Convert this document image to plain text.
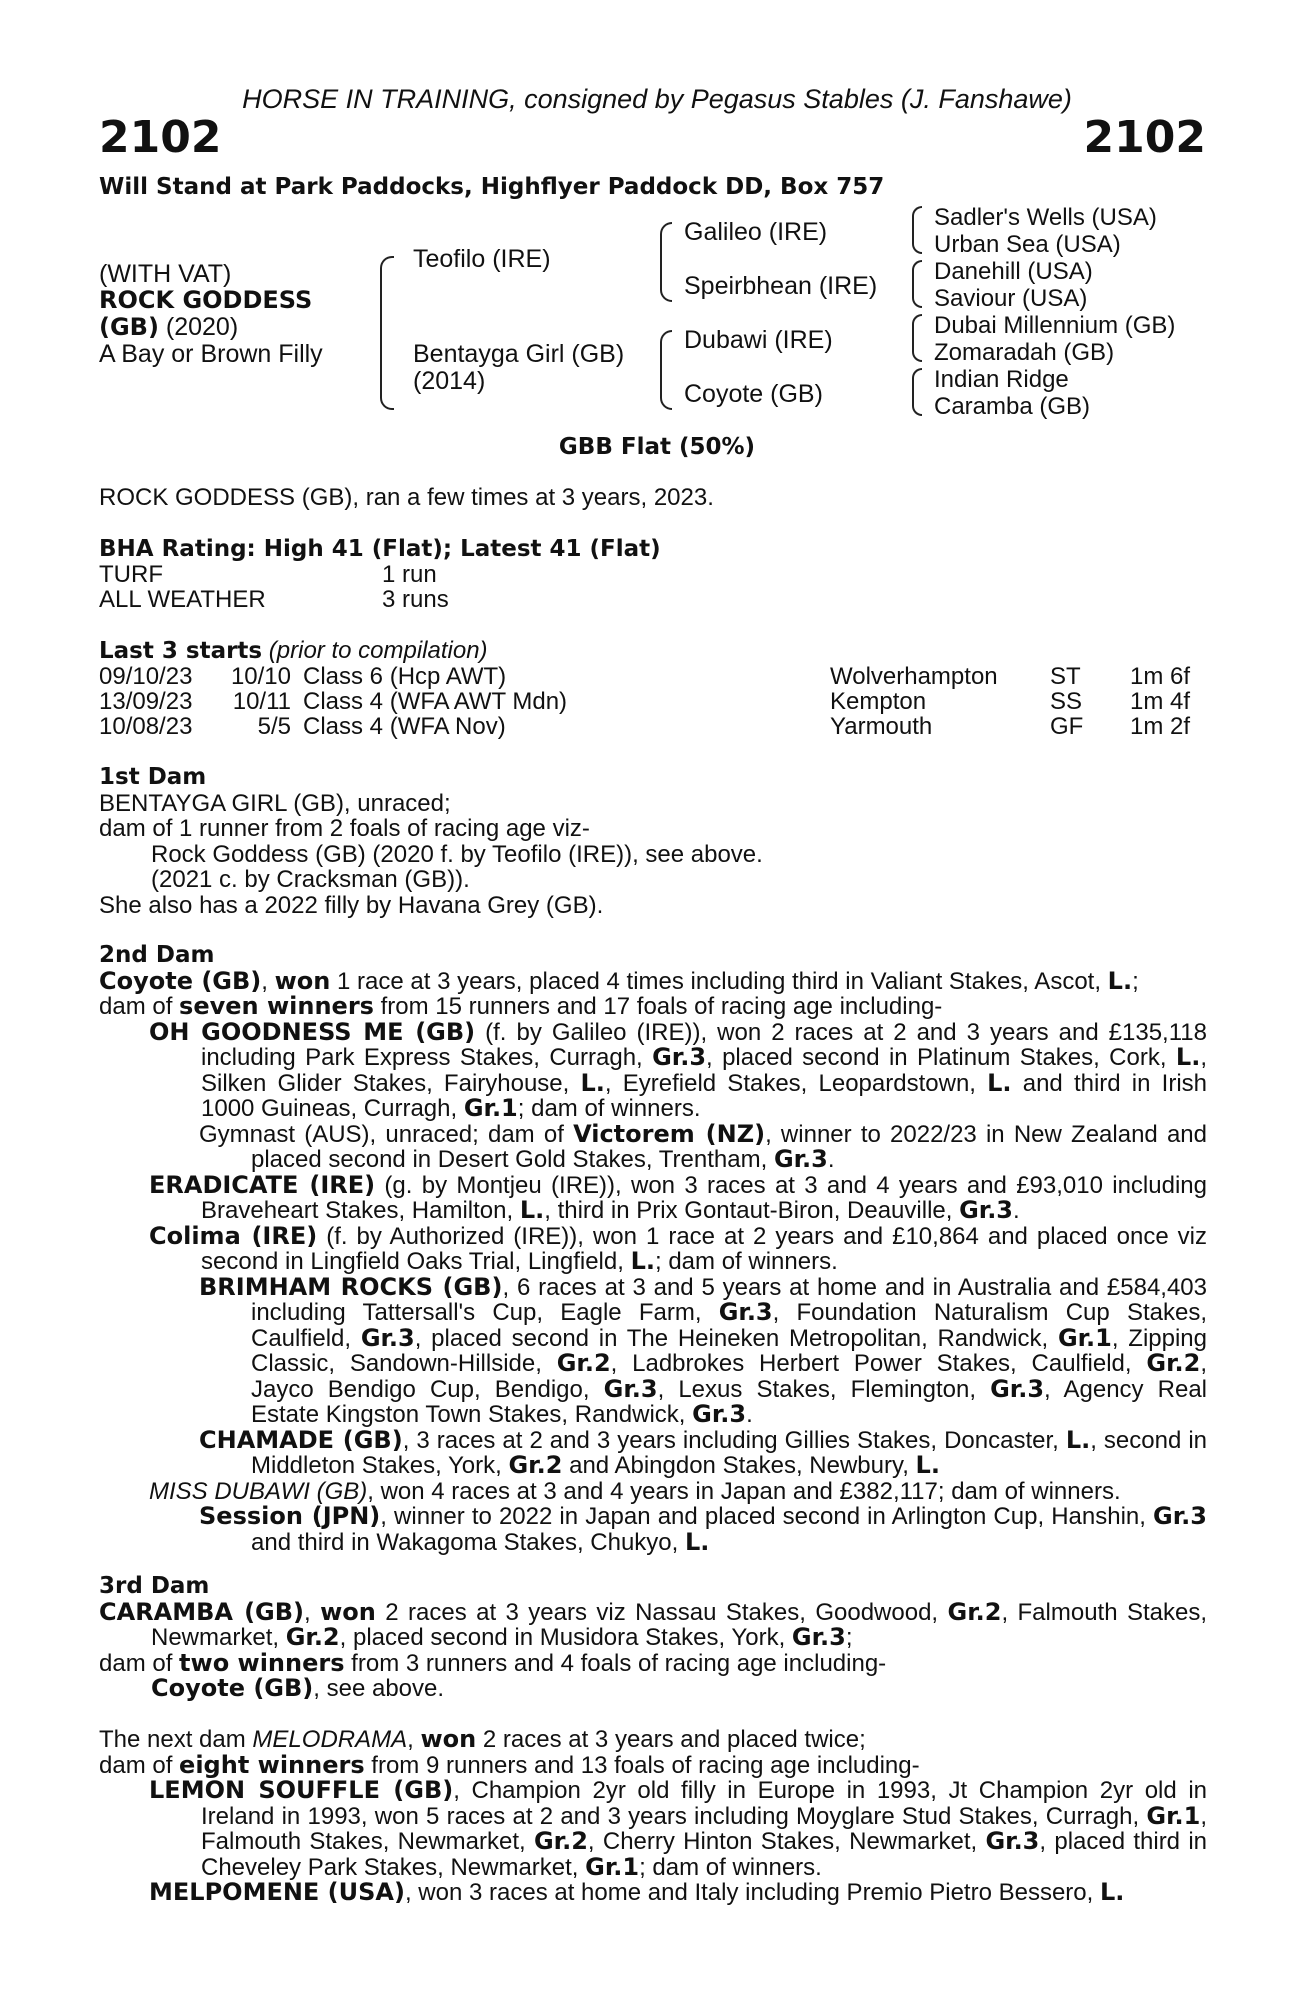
HORSE IN TRAINING, consigned by Pegasus Stables (J. Fanshawe)
2102	2102
Will Stand at Park Paddocks, Highflyer Paddock DD, Box 757
(WITH VAT)
ROCK GODDESS
(GB) (2020)
A Bay or Brown Filly
Teofilo (IRE)
Bentayga Girl (GB)
(2014)
Galileo (IRE)
Speirbhean (IRE)
Dubawi (IRE)
Coyote (GB)
Sadler's Wells (USA)
Urban Sea (USA)
Danehill (USA)
Saviour (USA)
Dubai Millennium (GB)
Zomaradah (GB)
Indian Ridge
Caramba (GB)
GBB Flat (50%)
ROCK GODDESS (GB), ran a few times at 3 years, 2023.
BHA Rating: High 41 (Flat); Latest 41 (Flat)
TURF	1 run
ALL WEATHER	3 runs
Last 3 starts (prior to compilation)
09/10/23	10/10	Class 6 (Hcp AWT)	Wolverhampton	ST	1m 6f
13/09/23	10/11	Class 4 (WFA AWT Mdn)	Kempton	SS	1m 4f
10/08/23	5/5	Class 4 (WFA Nov)	Yarmouth	GF	1m 2f

1st Dam

BENTAYGA GIRL (GB), unraced;

dam of 1 runner from 2 foals of racing age viz-

Rock Goddess (GB) (2020 f. by Teofilo (IRE)), see above.

(2021 c. by Cracksman (GB)).

She also has a 2022 filly by Havana Grey (GB).

2nd Dam

Coyote (GB), won 1 race at 3 years, placed 4 times including third in Valiant Stakes, Ascot, L.;

dam of seven winners from 15 runners and 17 foals of racing age including-

OH GOODNESS ME (GB) (f. by Galileo (IRE)), won 2 races at 2 and 3 years and £135,118 including Park Express Stakes, Curragh, Gr.3, placed second in Platinum Stakes, Cork, L., Silken Glider Stakes, Fairyhouse, L., Eyrefield Stakes, Leopardstown, L. and third in Irish 1000 Guineas, Curragh, Gr.1; dam of winners.

Gymnast (AUS), unraced; dam of Victorem (NZ), winner to 2022/23 in New Zealand and placed second in Desert Gold Stakes, Trentham, Gr.3.

ERADICATE (IRE) (g. by Montjeu (IRE)), won 3 races at 3 and 4 years and £93,010 including Braveheart Stakes, Hamilton, L., third in Prix Gontaut-Biron, Deauville, Gr.3.

Colima (IRE) (f. by Authorized (IRE)), won 1 race at 2 years and £10,864 and placed once viz second in Lingfield Oaks Trial, Lingfield, L.; dam of winners.

BRIMHAM ROCKS (GB), 6 races at 3 and 5 years at home and in Australia and £584,403 including Tattersall's Cup, Eagle Farm, Gr.3, Foundation Naturalism Cup Stakes, Caulfield, Gr.3, placed second in The Heineken Metropolitan, Randwick, Gr.1, Zipping Classic, Sandown-Hillside, Gr.2, Ladbrokes Herbert Power Stakes, Caulfield, Gr.2, Jayco Bendigo Cup, Bendigo, Gr.3, Lexus Stakes, Flemington, Gr.3, Agency Real Estate Kingston Town Stakes, Randwick, Gr.3.

CHAMADE (GB), 3 races at 2 and 3 years including Gillies Stakes, Doncaster, L., second in Middleton Stakes, York, Gr.2 and Abingdon Stakes, Newbury, L.

MISS DUBAWI (GB), won 4 races at 3 and 4 years in Japan and £382,117; dam of winners.

Session (JPN), winner to 2022 in Japan and placed second in Arlington Cup, Hanshin, Gr.3 and third in Wakagoma Stakes, Chukyo, L.

3rd Dam

CARAMBA (GB), won 2 races at 3 years viz Nassau Stakes, Goodwood, Gr.2, Falmouth Stakes, Newmarket, Gr.2, placed second in Musidora Stakes, York, Gr.3;

dam of two winners from 3 runners and 4 foals of racing age including-

Coyote (GB), see above.

The next dam MELODRAMA, won 2 races at 3 years and placed twice;

dam of eight winners from 9 runners and 13 foals of racing age including-

LEMON SOUFFLE (GB), Champion 2yr old filly in Europe in 1993, Jt Champion 2yr old in Ireland in 1993, won 5 races at 2 and 3 years including Moyglare Stud Stakes, Curragh, Gr.1, Falmouth Stakes, Newmarket, Gr.2, Cherry Hinton Stakes, Newmarket, Gr.3, placed third in Cheveley Park Stakes, Newmarket, Gr.1; dam of winners.

MELPOMENE (USA), won 3 races at home and Italy including Premio Pietro Bessero, L.
